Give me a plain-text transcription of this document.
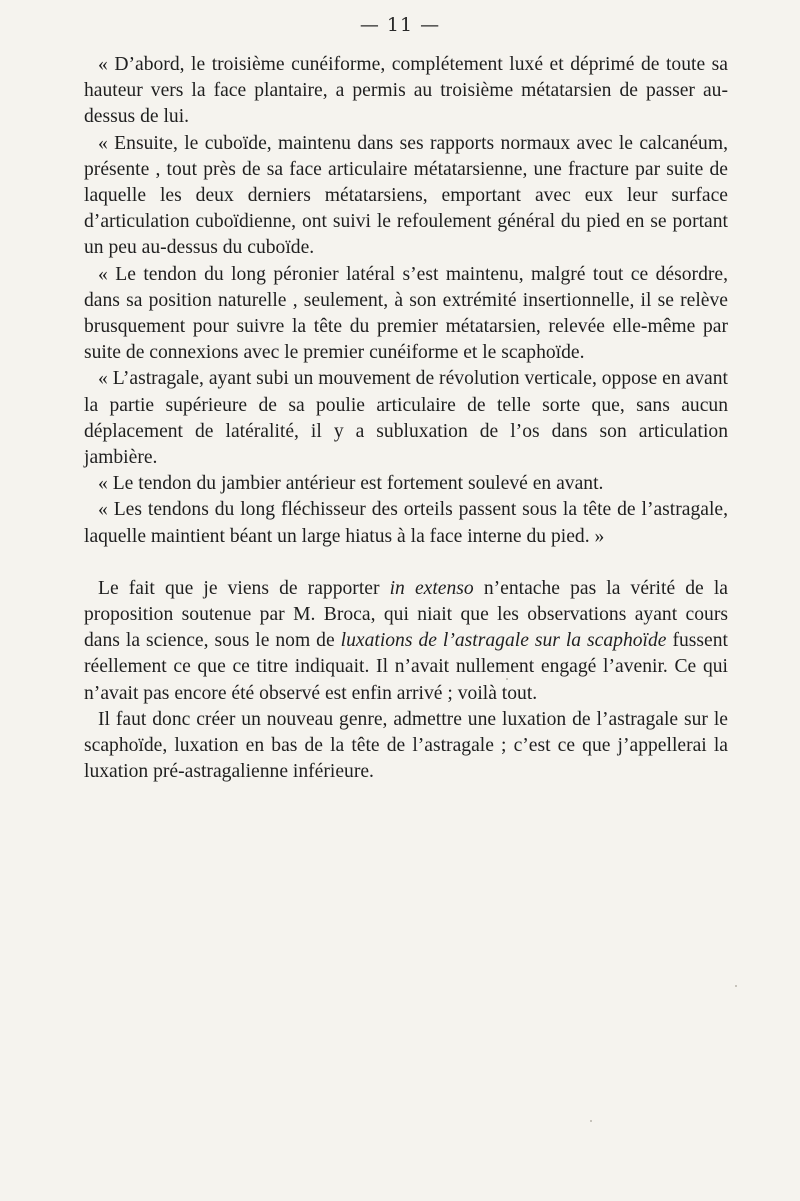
— 11 —

« D’abord, le troisième cunéiforme, complétement luxé et déprimé de toute sa hauteur vers la face plantaire, a permis au troisième métatarsien de passer au-dessus de lui.

« Ensuite, le cuboïde, maintenu dans ses rapports normaux avec le calcanéum, présente , tout près de sa face articulaire métatarsienne, une fracture par suite de laquelle les deux derniers métatarsiens, emportant avec eux leur surface d’articulation cuboïdienne, ont suivi le refoulement général du pied en se portant un peu au-dessus du cuboïde.

« Le tendon du long péronier latéral s’est maintenu, malgré tout ce désordre, dans sa position naturelle , seulement, à son extrémité insertionnelle, il se relève brusquement pour suivre la tête du premier métatarsien, relevée elle-même par suite de connexions avec le premier cunéiforme et le scaphoïde.

« L’astragale, ayant subi un mouvement de révolution verticale, oppose en avant la partie supérieure de sa poulie articulaire de telle sorte que, sans aucun déplacement de latéralité, il y a subluxation de l’os dans son articulation jambière.

« Le tendon du jambier antérieur est fortement soulevé en avant.

« Les tendons du long fléchisseur des orteils passent sous la tête de l’astragale, laquelle maintient béant un large hiatus à la face interne du pied. »

Le fait que je viens de rapporter in extenso n’entache pas la vérité de la proposition soutenue par M. Broca, qui niait que les observations ayant cours dans la science, sous le nom de luxations de l’astragale sur la scaphoïde fussent réellement ce que ce titre indiquait. Il n’avait nullement engagé l’avenir. Ce qui n’avait pas encore été observé est enfin arrivé ; voilà tout.

Il faut donc créer un nouveau genre, admettre une luxation de l’astragale sur le scaphoïde, luxation en bas de la tête de l’astragale ; c’est ce que j’appellerai la luxation pré-astragalienne inférieure.
